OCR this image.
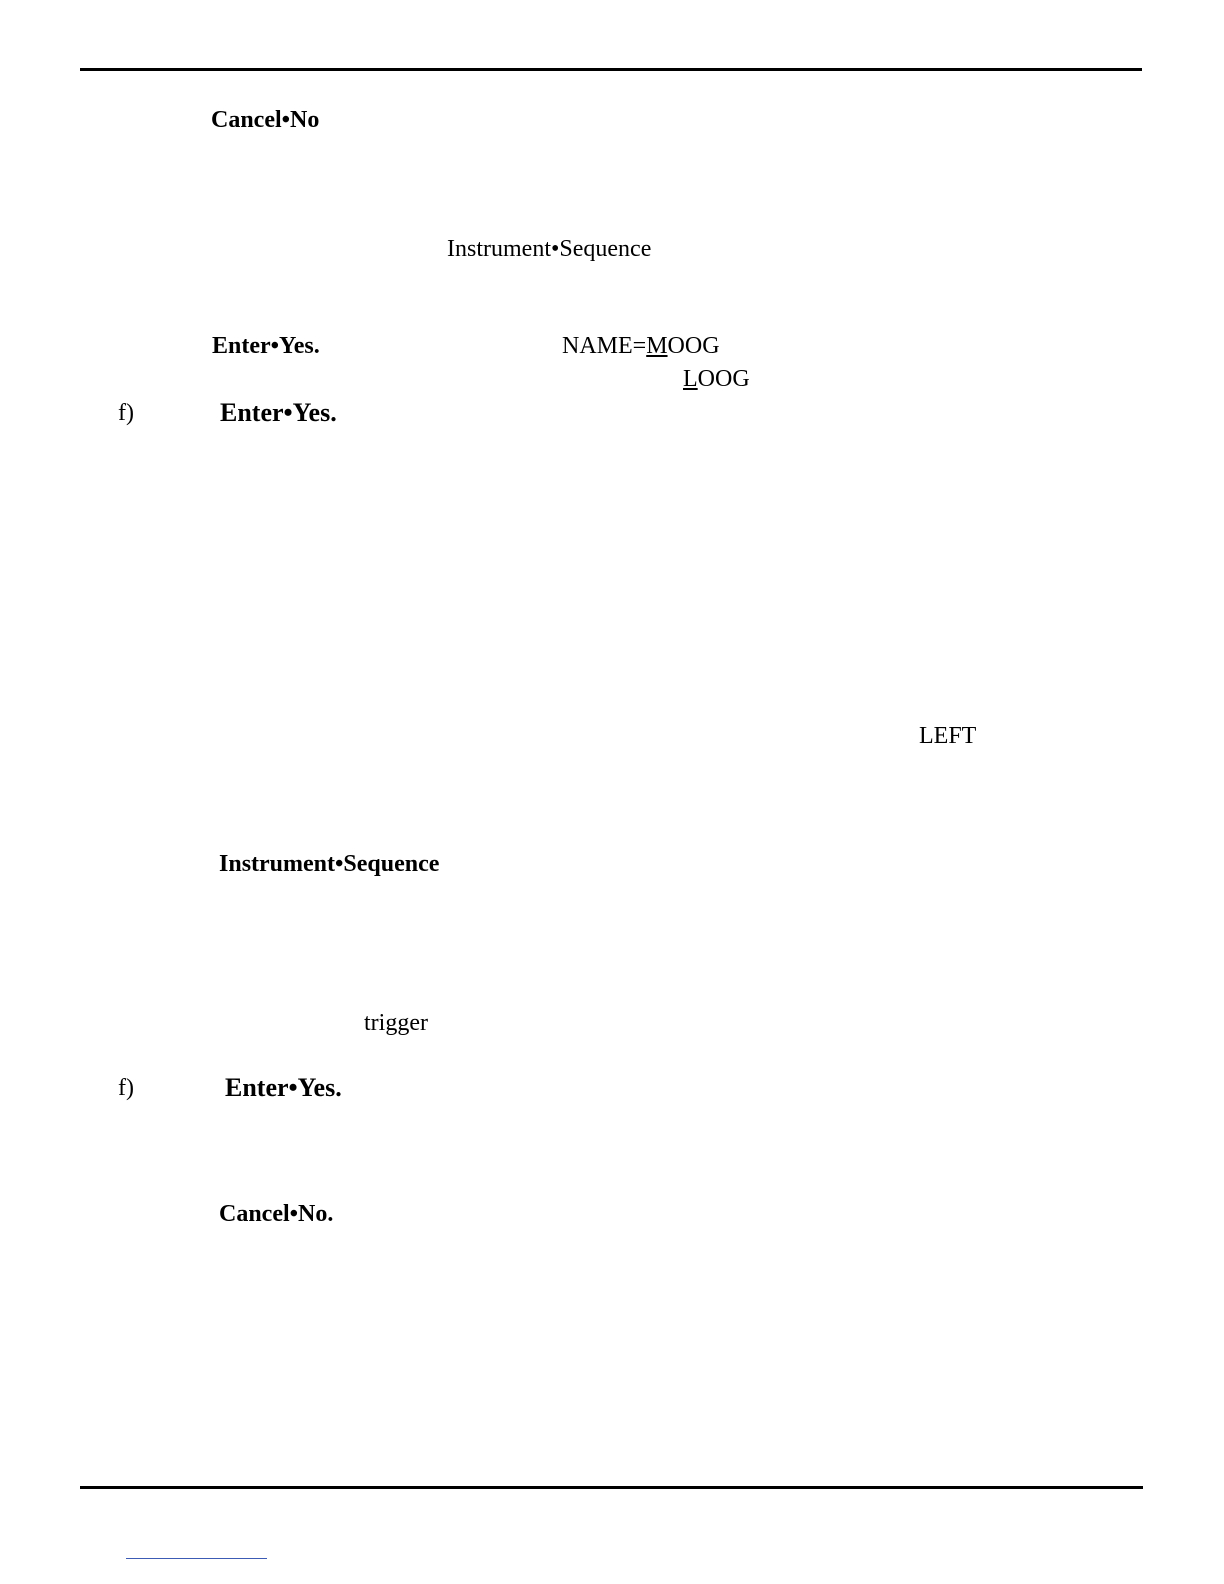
Cancel•No
Instrument•Sequence
Enter•Yes.	NAME=MOOG
LOOG
f)	Enter•Yes.
LEFT
Instrument•Sequence
trigger
f)	Enter•Yes.
Cancel•No.
